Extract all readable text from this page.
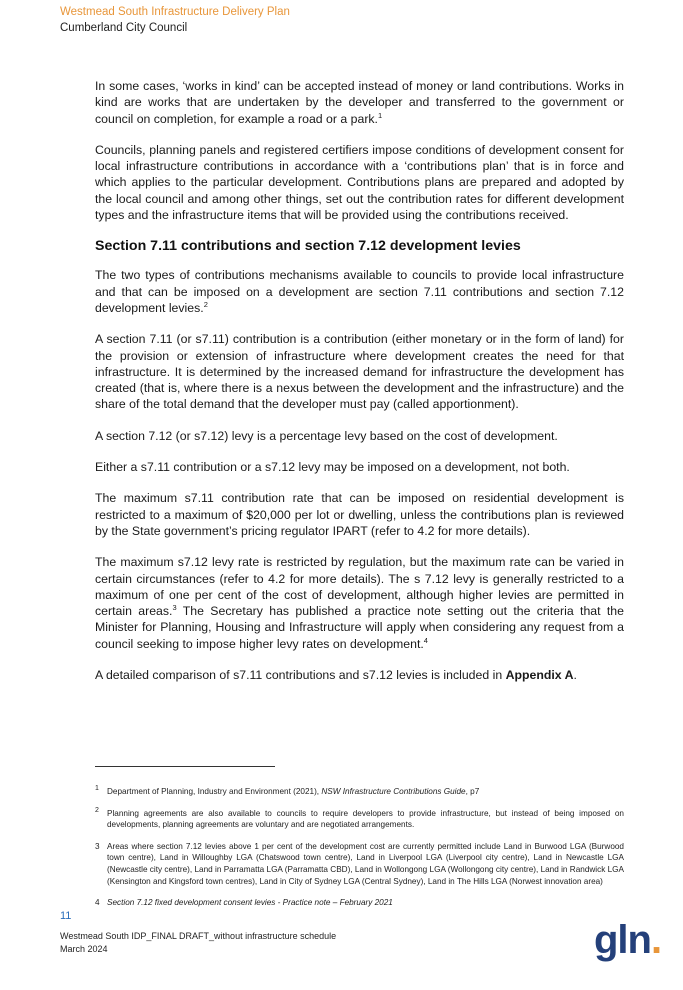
Westmead South Infrastructure Delivery Plan
Cumberland City Council

In some cases, ‘works in kind’ can be accepted instead of money or land contributions. Works in kind are works that are undertaken by the developer and transferred to the government or council on completion, for example a road or a park.$^1$

Councils, planning panels and registered certifiers impose conditions of development consent for local infrastructure contributions in accordance with a ‘contributions plan’ that is in force and which applies to the particular development. Contributions plans are prepared and adopted by the local council and among other things, set out the contribution rates for different development types and the infrastructure items that will be provided using the contributions received.

Section 7.11 contributions and section 7.12 development levies

The two types of contributions mechanisms available to councils to provide local infrastructure and that can be imposed on a development are section 7.11 contributions and section 7.12 development levies.$^2$

A section 7.11 (or s7.11) contribution is a contribution (either monetary or in the form of land) for the provision or extension of infrastructure where development creates the need for that infrastructure. It is determined by the increased demand for infrastructure the development has created (that is, where there is a nexus between the development and the infrastructure) and the share of the total demand that the developer must pay (called apportionment).

A section 7.12 (or s7.12) levy is a percentage levy based on the cost of development.

Either a s7.11 contribution or a s7.12 levy may be imposed on a development, not both.

The maximum s7.11 contribution rate that can be imposed on residential development is restricted to a maximum of $20,000 per lot or dwelling, unless the contributions plan is reviewed by the State government’s pricing regulator IPART (refer to 4.2 for more details).

The maximum s7.12 levy rate is restricted by regulation, but the maximum rate can be varied in certain circumstances (refer to 4.2 for more details). The s 7.12 levy is generally restricted to a maximum of one per cent of the cost of development, although higher levies are permitted in certain areas.$^3$ The Secretary has published a practice note setting out the criteria that the Minister for Planning, Housing and Infrastructure will apply when considering any request from a council seeking to impose higher levy rates on development.$^4$

A detailed comparison of s7.11 contributions and s7.12 levies is included in Appendix A.

1 Department of Planning, Industry and Environment (2021), NSW Infrastructure Contributions Guide, p7
2 Planning agreements are also available to councils to require developers to provide infrastructure, but instead of being imposed on developments, planning agreements are voluntary and are negotiated arrangements.
3 Areas where section 7.12 levies above 1 per cent of the development cost are currently permitted include Land in Burwood LGA (Burwood town centre), Land in Willoughby LGA (Chatswood town centre), Land in Liverpool LGA (Liverpool city centre), Land in Newcastle LGA (Newcastle city centre), Land in Parramatta LGA (Parramatta CBD), Land in Wollongong LGA (Wollongong city centre), Land in Randwick LGA (Kensington and Kingsford town centres), Land in City of Sydney LGA (Central Sydney), Land in The Hills LGA (Norwest innovation area)
4 Section 7.12 fixed development consent levies - Practice note – February 2021
11
Westmead South IDP_FINAL DRAFT_without infrastructure schedule
March 2024	gln.
